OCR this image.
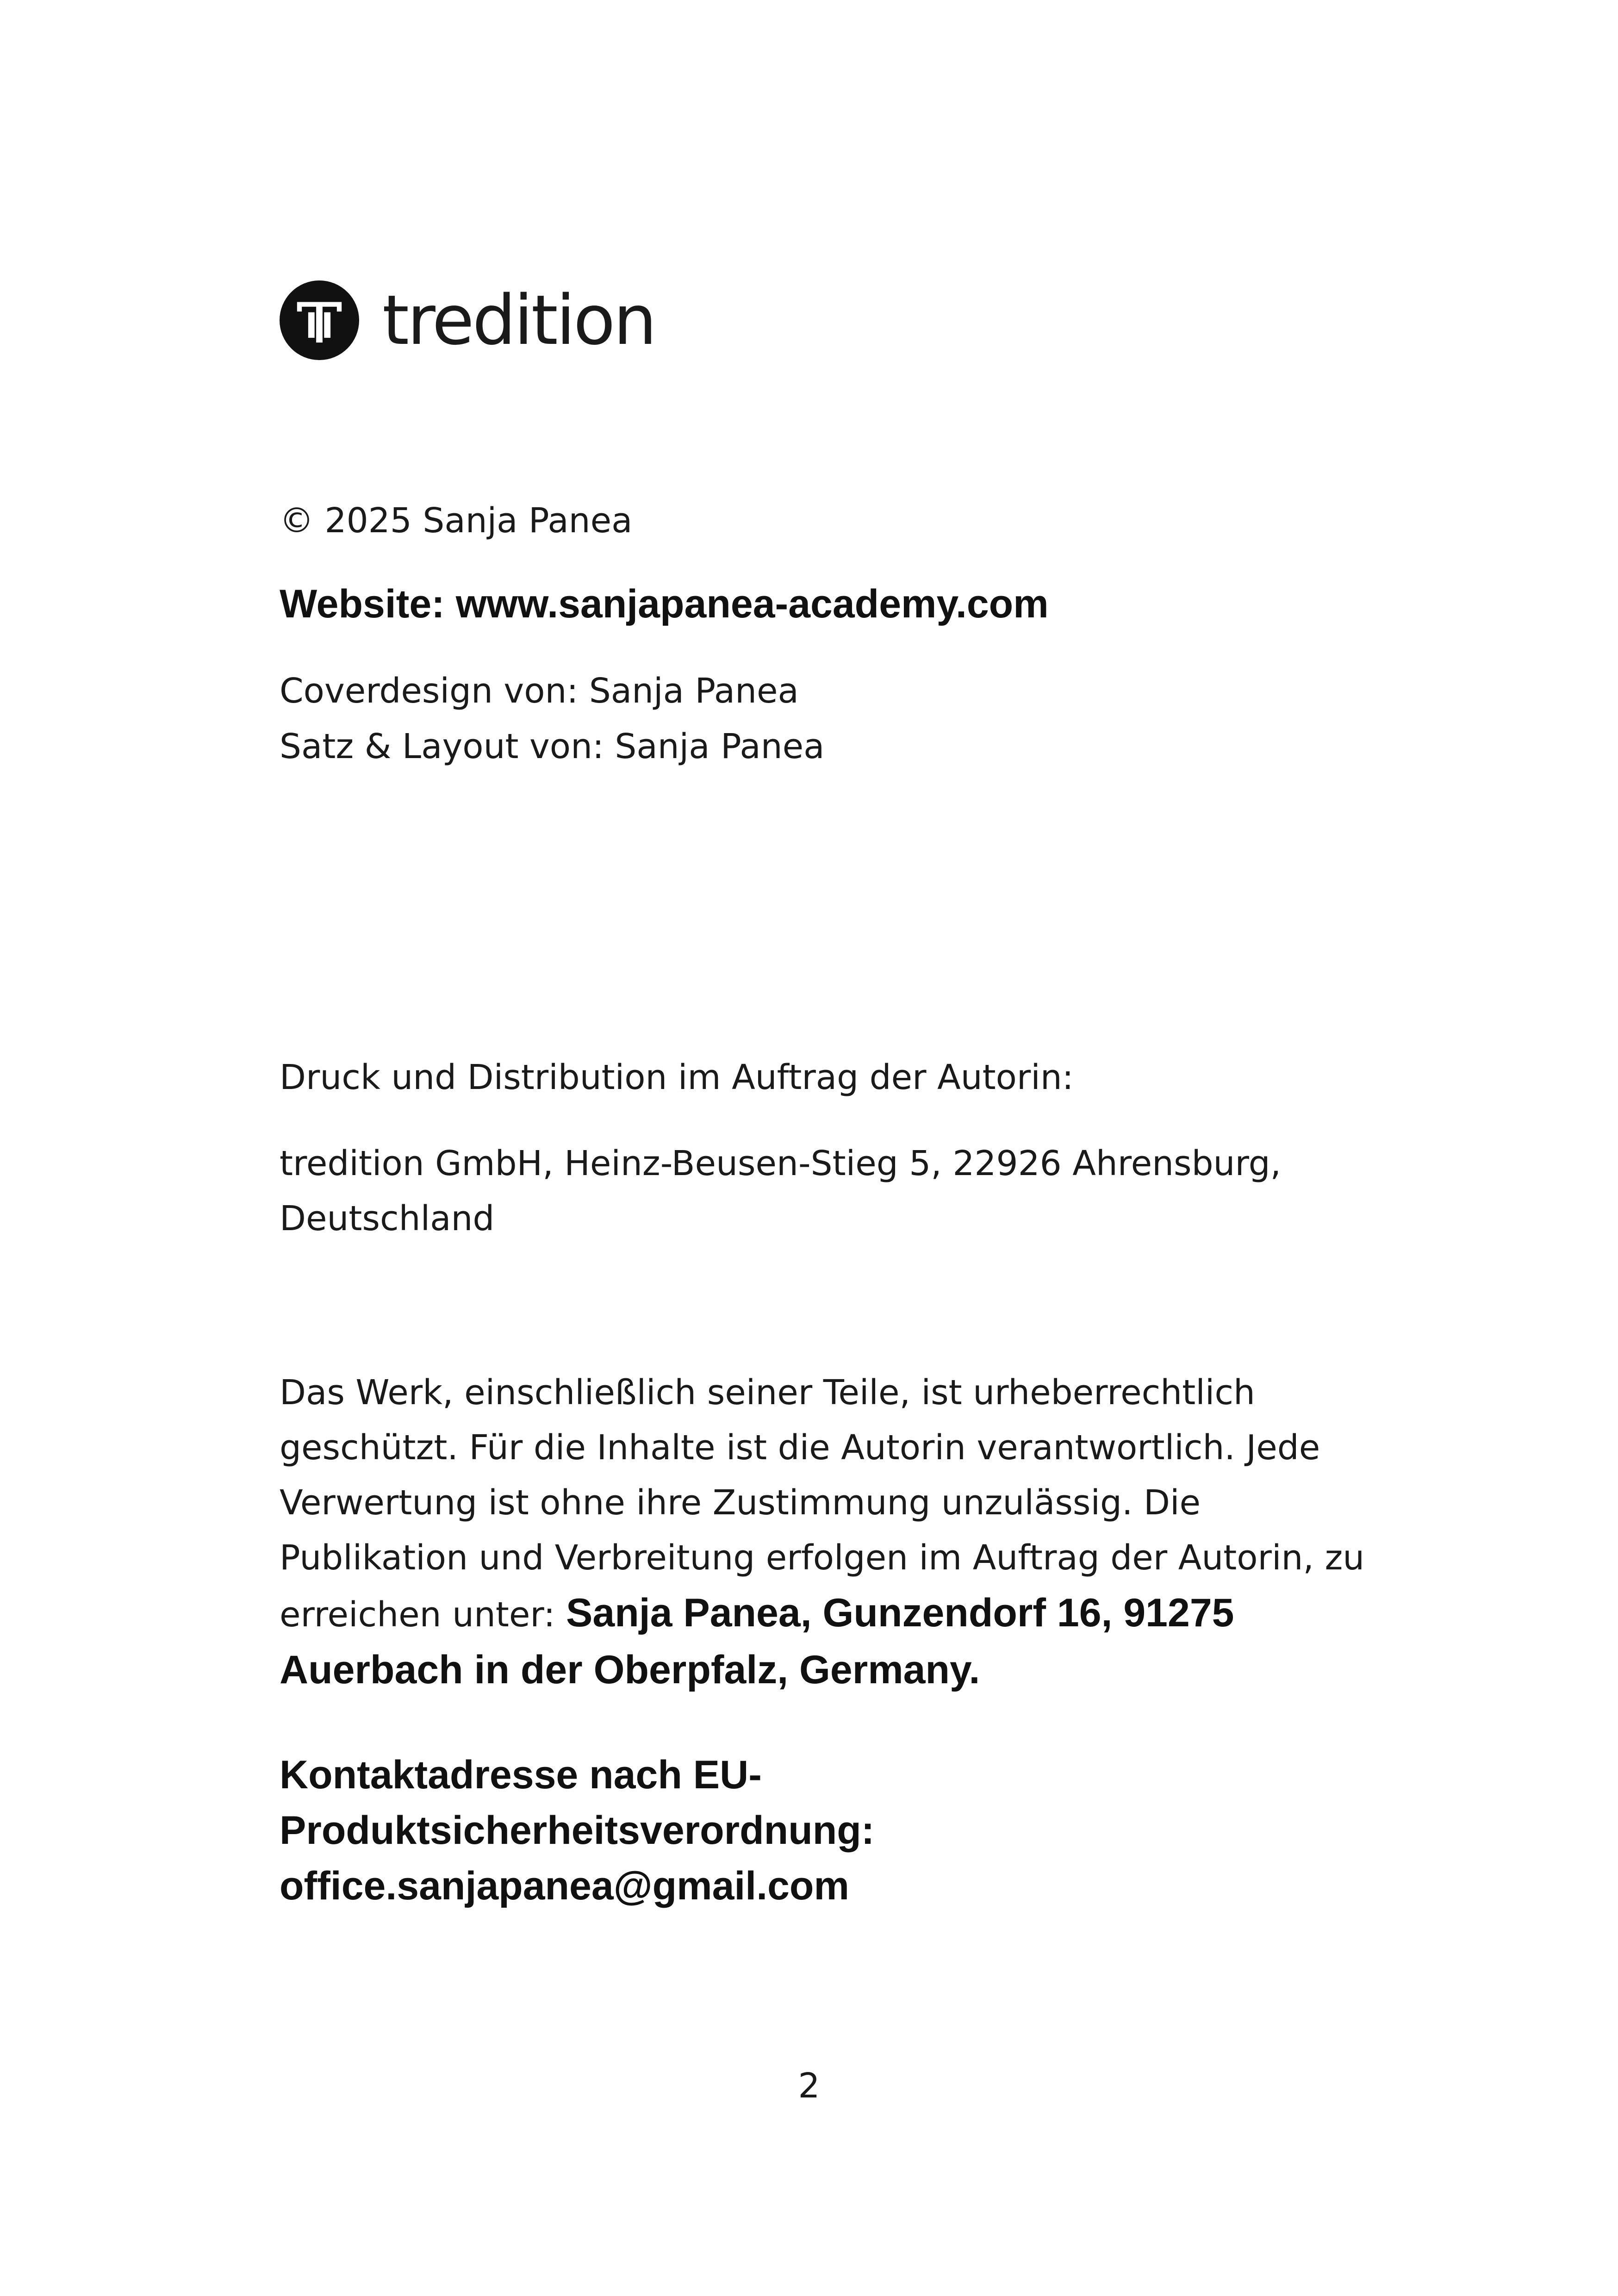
tredition

© 2025 Sanja Panea

Website: www.sanjapanea-academy.com

Coverdesign von: Sanja Panea

Satz & Layout von: Sanja Panea

Druck und Distribution im Auftrag der Autorin:

tredition GmbH, Heinz-Beusen-Stieg 5, 22926 Ahrensburg,

Deutschland

Das Werk, einschließlich seiner Teile, ist urheberrechtlich geschützt. Für die Inhalte ist die Autorin verantwortlich. Jede Verwertung ist ohne ihre Zustimmung unzulässig. Die Publikation und Verbreitung erfolgen im Auftrag der Autorin, zu erreichen unter: Sanja Panea, Gunzendorf 16, 91275 Auerbach in der Oberpfalz, Germany.

Kontaktadresse nach EU-
Produktsicherheitsverordnung:
office.sanjapanea@gmail.com
2
